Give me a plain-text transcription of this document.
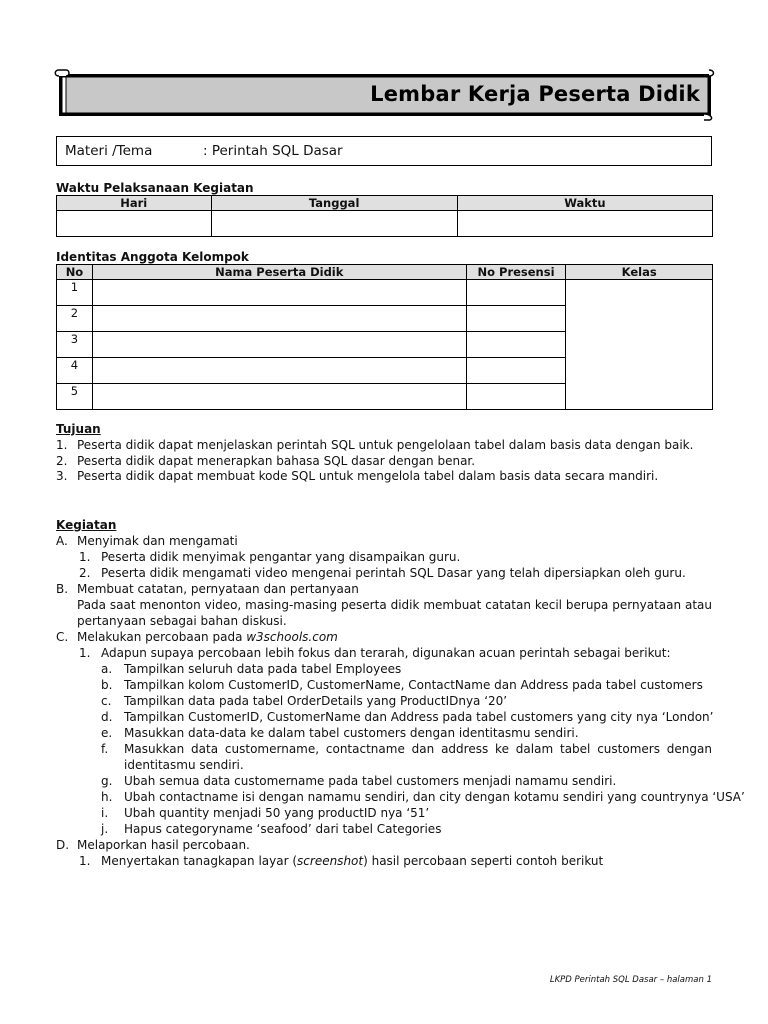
Lembar Kerja Peserta Didik
Materi /Tema	: Perintah SQL Dasar
Waktu Pelaksanaan Kegiatan
Hari	Tanggal	Waktu

Identitas Anggota Kelompok
No	Nama Peserta Didik	No Presensi	Kelas
1			
2			
3			
4			
5			
Tujuan
1. Peserta didik dapat menjelaskan perintah SQL untuk pengelolaan tabel dalam basis data dengan baik.
2. Peserta didik dapat menerapkan bahasa SQL dasar dengan benar.
3. Peserta didik dapat membuat kode SQL untuk mengelola tabel dalam basis data secara mandiri.
Kegiatan
A. Menyimak dan mengamati
1. Peserta didik menyimak pengantar yang disampaikan guru.
2. Peserta didik mengamati video mengenai perintah SQL Dasar yang telah dipersiapkan oleh guru.
B. Membuat catatan, pernyataan dan pertanyaan
Pada saat menonton video, masing-masing peserta didik membuat catatan kecil berupa pernyataan atau
pertanyaan sebagai bahan diskusi.
C. Melakukan percobaan pada w3schools.com
1. Adapun supaya percobaan lebih fokus dan terarah, digunakan acuan perintah sebagai berikut:
a. Tampilkan seluruh data pada tabel Employees
b. Tampilkan kolom CustomerID, CustomerName, ContactName dan Address pada tabel customers
c. Tampilkan data pada tabel OrderDetails yang ProductIDnya ‘20’
d. Tampilkan CustomerID, CustomerName dan Address pada tabel customers yang city nya ‘London’
e. Masukkan data-data ke dalam tabel customers dengan identitasmu sendiri.
f. Masukkan data customername, contactname dan address ke dalam tabel customers dengan
identitasmu sendiri.
g. Ubah semua data customername pada tabel customers menjadi namamu sendiri.
h. Ubah contactname isi dengan namamu sendiri, dan city dengan kotamu sendiri yang countrynya ‘USA’
i. Ubah quantity menjadi 50 yang productID nya ‘51’
j. Hapus categoryname ‘seafood’ dari tabel Categories
D. Melaporkan hasil percobaan.
1. Menyertakan tanagkapan layar (screenshot) hasil percobaan seperti contoh berikut
LKPD Perintah SQL Dasar – halaman 1
